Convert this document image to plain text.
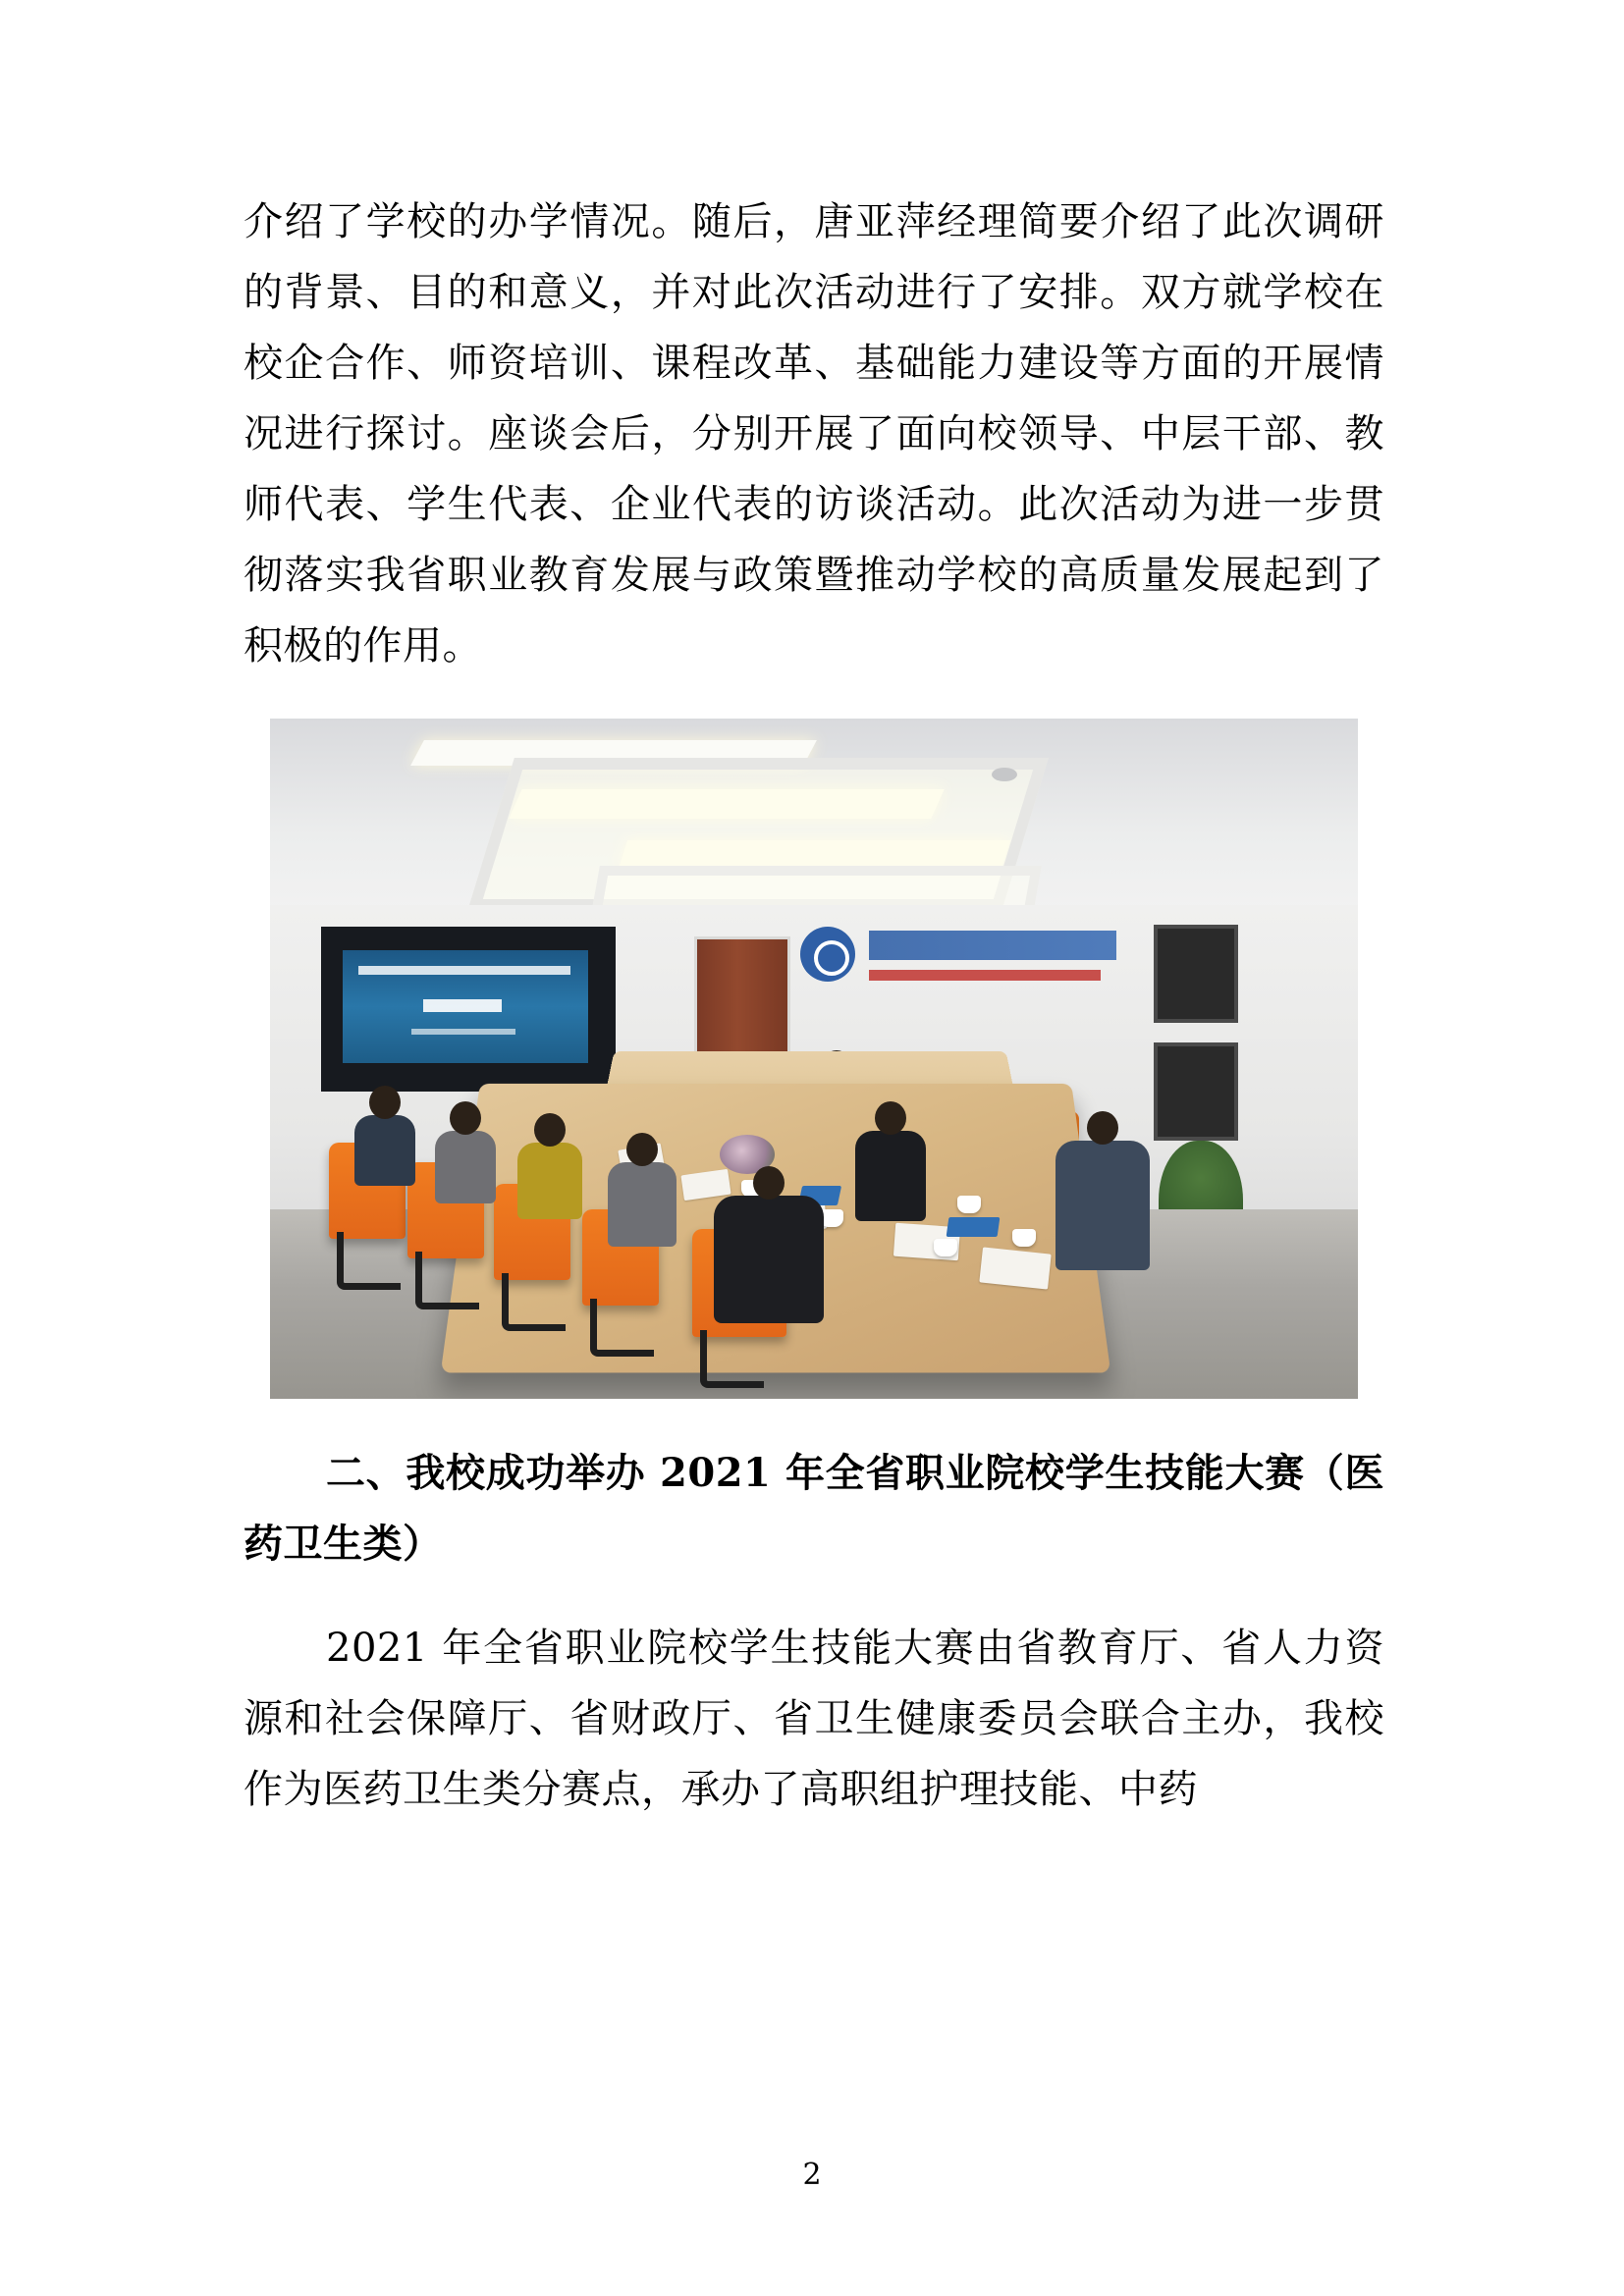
介绍了学校的办学情况。随后，唐亚萍经理简要介绍了此次调研的背景、目的和意义，并对此次活动进行了安排。双方就学校在校企合作、师资培训、课程改革、基础能力建设等方面的开展情况进行探讨。座谈会后，分别开展了面向校领导、中层干部、教师代表、学生代表、企业代表的访谈活动。此次活动为进一步贯彻落实我省职业教育发展与政策暨推动学校的高质量发展起到了积极的作用。

二、我校成功举办 2021 年全省职业院校学生技能大赛（医药卫生类）

2021 年全省职业院校学生技能大赛由省教育厅、省人力资源和社会保障厅、省财政厅、省卫生健康委员会联合主办，我校作为医药卫生类分赛点，承办了高职组护理技能、中药

2
